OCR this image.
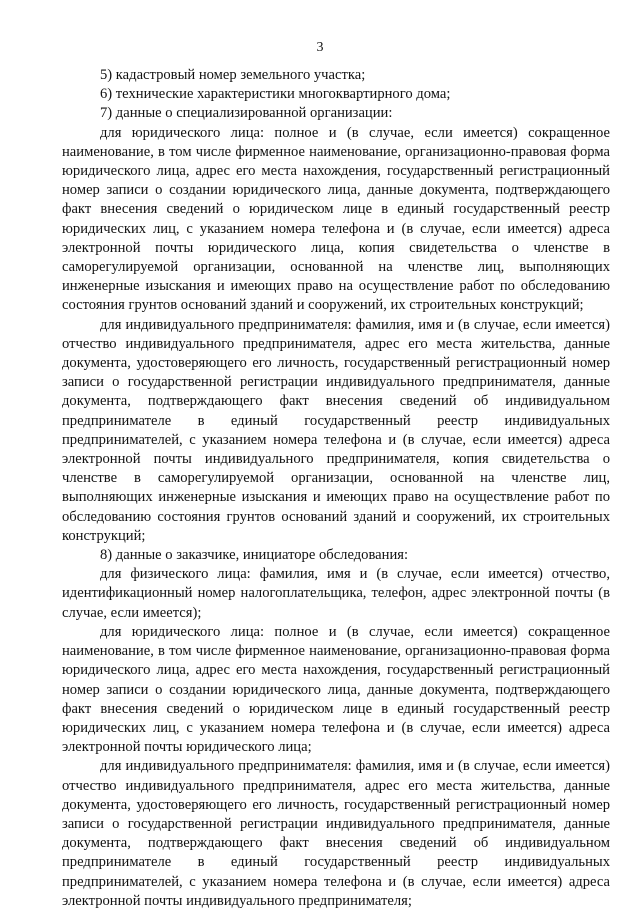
3

5) кадастровый номер земельного участка;

6) технические характеристики многоквартирного дома;

7) данные о специализированной организации:

для юридического лица: полное и (в случае, если имеется) сокращенное наименование, в том числе фирменное наименование, организационно-правовая форма юридического лица, адрес его места нахождения, государственный регистрационный номер записи о создании юридического лица, данные документа, подтверждающего факт внесения сведений о юридическом лице в единый государственный реестр юридических лиц, с указанием номера телефона и (в случае, если имеется) адреса электронной почты юридического лица, копия свидетельства о членстве в саморегулируемой организации, основанной на членстве лиц, выполняющих инженерные изыскания и имеющих право на осуществление работ по обследованию состояния грунтов оснований зданий и сооружений, их строительных конструкций;

для индивидуального предпринимателя: фамилия, имя и (в случае, если имеется) отчество индивидуального предпринимателя, адрес его места жительства, данные документа, удостоверяющего его личность, государственный регистрационный номер записи о государственной регистрации индивидуального предпринимателя, данные документа, подтверждающего факт внесения сведений об индивидуальном предпринимателе в единый государственный реестр индивидуальных предпринимателей, с указанием номера телефона и (в случае, если имеется) адреса электронной почты индивидуального предпринимателя, копия свидетельства о членстве в саморегулируемой организации, основанной на членстве лиц, выполняющих инженерные изыскания и имеющих право на осуществление работ по обследованию состояния грунтов оснований зданий и сооружений, их строительных конструкций;

8) данные о заказчике, инициаторе обследования:

для физического лица: фамилия, имя и (в случае, если имеется) отчество, идентификационный номер налогоплательщика, телефон, адрес электронной почты (в случае, если имеется);

для юридического лица: полное и (в случае, если имеется) сокращенное наименование, в том числе фирменное наименование, организационно-правовая форма юридического лица, адрес его места нахождения, государственный регистрационный номер записи о создании юридического лица, данные документа, подтверждающего факт внесения сведений о юридическом лице в единый государственный реестр юридических лиц, с указанием номера телефона и (в случае, если имеется) адреса электронной почты юридического лица;

для индивидуального предпринимателя: фамилия, имя и (в случае, если имеется) отчество индивидуального предпринимателя, адрес его места жительства, данные документа, удостоверяющего его личность, государственный регистрационный номер записи о государственной регистрации индивидуального предпринимателя, данные документа, подтверждающего факт внесения сведений об индивидуальном предпринимателе в единый государственный реестр индивидуальных предпринимателей, с указанием номера телефона и (в случае, если имеется) адреса электронной почты индивидуального предпринимателя;
